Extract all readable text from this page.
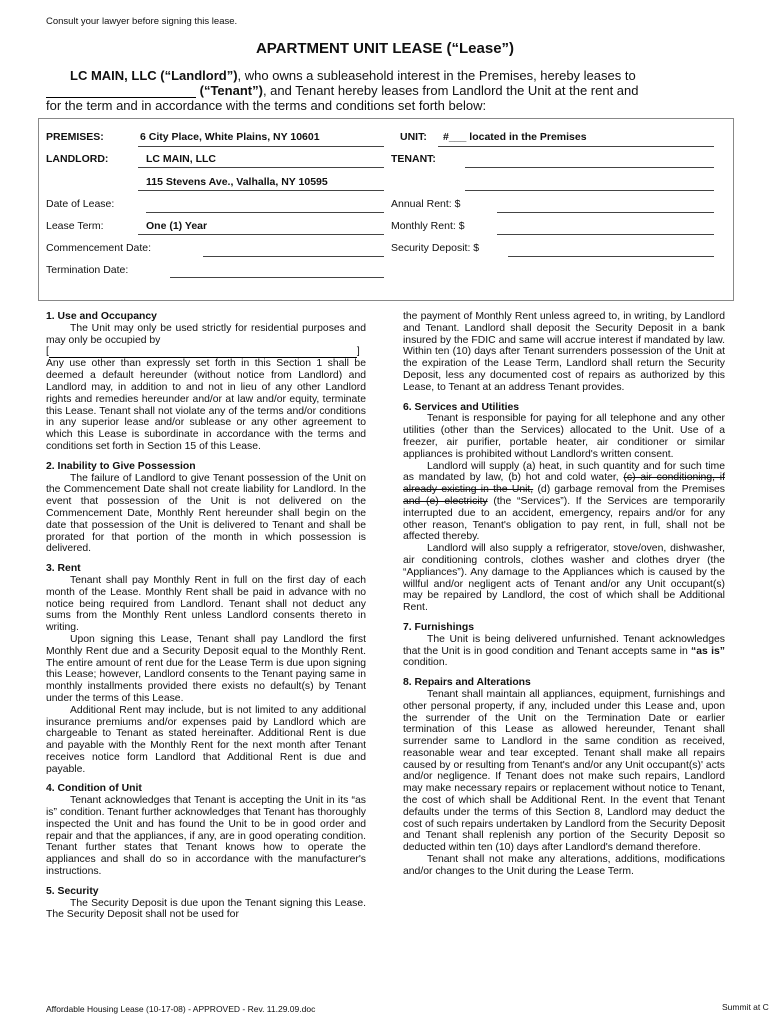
Consult your lawyer before signing this lease.
APARTMENT UNIT LEASE (“Lease”)
LC MAIN, LLC (“Landlord”), who owns a subleasehold interest in the Premises, hereby leases to
(“Tenant”), and Tenant hereby leases from Landlord the Unit at the rent and
for the term and in accordance with the terms and conditions set forth below:
PREMISES:	6 City Place, White Plains, NY 10601	UNIT: #___ located in the Premises
LANDLORD:	LC MAIN, LLC	TENANT:
115 Stevens Ave., Valhalla, NY 10595
Date of Lease:	Annual Rent: $
Lease Term:	One (1) Year	Monthly Rent: $
Commencement Date:	Security Deposit: $
Termination Date:

1. Use and Occupancy

The Unit may only be used strictly for residential purposes and may only be occupied by

[	]

Any use other than expressly set forth in this Section 1 shall be deemed a default hereunder (without notice from Landlord) and Landlord may, in addition to and not in lieu of any other Landlord rights and remedies hereunder and/or at law and/or equity, terminate this Lease. Tenant shall not violate any of the terms and/or conditions in any superior lease and/or sublease or any other agreement to which this Lease is subordinate in accordance with the terms and conditions set forth in Section 15 of this Lease.

2. Inability to Give Possession

The failure of Landlord to give Tenant possession of the Unit on the Commencement Date shall not create liability for Landlord. In the event that possession of the Unit is not delivered on the Commencement Date, Monthly Rent hereunder shall begin on the date that possession of the Unit is delivered to Tenant and shall be prorated for that portion of the month in which possession is delivered.

3. Rent

Tenant shall pay Monthly Rent in full on the first day of each month of the Lease. Monthly Rent shall be paid in advance with no notice being required from Landlord. Tenant shall not deduct any sums from the Monthly Rent unless Landlord consents thereto in writing.

Upon signing this Lease, Tenant shall pay Landlord the first Monthly Rent due and a Security Deposit equal to the Monthly Rent. The entire amount of rent due for the Lease Term is due upon signing this Lease; however, Landlord consents to the Tenant paying same in monthly installments provided there exists no default(s) by Tenant under the terms of this Lease.

Additional Rent may include, but is not limited to any additional insurance premiums and/or expenses paid by Landlord which are chargeable to Tenant as stated hereinafter. Additional Rent is due and payable with the Monthly Rent for the next month after Tenant receives notice form Landlord that Additional Rent is due and payable.

4. Condition of Unit

Tenant acknowledges that Tenant is accepting the Unit in its “as is” condition. Tenant further acknowledges that Tenant has thoroughly inspected the Unit and has found the Unit to be in good order and repair and that the appliances, if any, are in good operating condition. Tenant further states that Tenant knows how to operate the appliances and shall do so in accordance with the manufacturer's instructions.

5. Security

The Security Deposit is due upon the Tenant signing this Lease. The Security Deposit shall not be used for

the payment of Monthly Rent unless agreed to, in writing, by Landlord and Tenant. Landlord shall deposit the Security Deposit in a bank insured by the FDIC and same will accrue interest if mandated by law. Within ten (10) days after Tenant surrenders possession of the Unit at the expiration of the Lease Term, Landlord shall return the Security Deposit, less any documented cost of repairs as authorized by this Lease, to Tenant at an address Tenant provides.

6. Services and Utilities

Tenant is responsible for paying for all telephone and any other utilities (other than the Services) allocated to the Unit. Use of a freezer, air purifier, portable heater, air conditioner or similar appliances is prohibited without Landlord's written consent.

Landlord will supply (a) heat, in such quantity and for such time as mandated by law, (b) hot and cold water, (c) air conditioning, if already existing in the Unit, (d) garbage removal from the Premises and (e) electricity (the “Services”). If the Services are temporarily interrupted due to an accident, emergency, repairs and/or for any other reason, Tenant's obligation to pay rent, in full, shall not be affected thereby.

Landlord will also supply a refrigerator, stove/oven, dishwasher, air conditioning controls, clothes washer and clothes dryer (the “Appliances”). Any damage to the Appliances which is caused by the willful and/or negligent acts of Tenant and/or any Unit occupant(s) may be repaired by Landlord, the cost of which shall be Additional Rent.

7. Furnishings

The Unit is being delivered unfurnished. Tenant acknowledges that the Unit is in good condition and Tenant accepts same in “as is” condition.

8. Repairs and Alterations

Tenant shall maintain all appliances, equipment, furnishings and other personal property, if any, included under this Lease and, upon the surrender of the Unit on the Termination Date or earlier termination of this Lease as allowed hereunder, Tenant shall surrender same to Landlord in the same condition as received, reasonable wear and tear excepted. Tenant shall make all repairs caused by or resulting from Tenant's and/or any Unit occupant(s)' acts and/or negligence. If Tenant does not make such repairs, Landlord may make necessary repairs or replacement without notice to Tenant, the cost of which shall be Additional Rent. In the event that Tenant defaults under the terms of this Section 8, Landlord may deduct the cost of such repairs undertaken by Landlord from the Security Deposit and Tenant shall replenish any portion of the Security Deposit so deducted within ten (10) days after Landlord's demand therefore.

Tenant shall not make any alterations, additions, modifications and/or changes to the Unit during the Lease Term.

Affordable Housing Lease (10-17-08) - APPROVED - Rev. 11.29.09.doc	Summit at C
